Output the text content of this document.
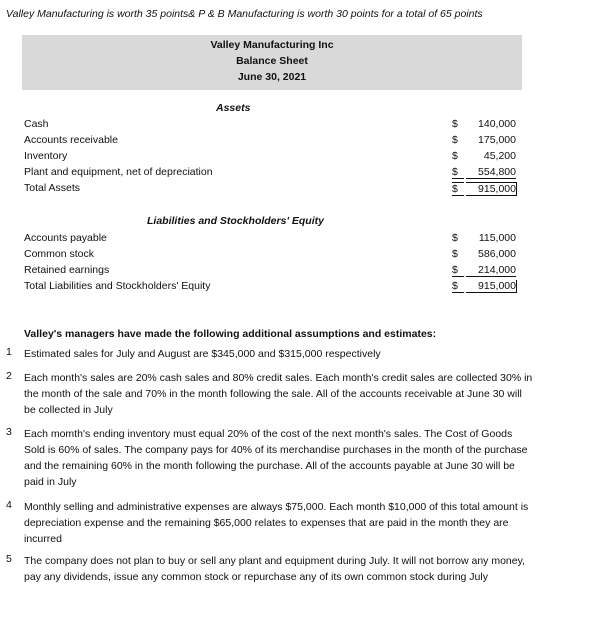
Valley Manufacturing is worth 35 points& P & B Manufacturing is worth 30 points for a total of 65 points
Valley Manufacturing Inc
Balance Sheet
June 30, 2021
Assets
Cash	$	140,000
Accounts receivable	$	175,000
Inventory	$	45,200
Plant and equipment, net of depreciation	$	554,800
Total Assets	$	915,000
Liabilities and Stockholders' Equity
Accounts payable	$	115,000
Common stock	$	586,000
Retained earnings	$	214,000
Total Liabilities and Stockholders' Equity	$	915,000
Valley's managers have made the following additional assumptions and estimates:
1 Estimated sales for July and August are $345,000 and $315,000 respectively
2 Each month's sales are 20% cash sales and 80% credit sales. Each month's credit sales are collected 30% in the month of the sale and 70% in the month following the sale. All of the accounts receivable at June 30 will be collected in July
3 Each momth's ending inventory must equal 20% of the cost of the next month's sales. The Cost of Goods Sold is 60% of sales. The company pays for 40% of its merchandise purchases in the month of the purchase and the remaining 60% in the month following the purchase. All of the accounts payable at June 30 will be paid in July
4 Monthly selling and administrative expenses are always $75,000. Each month $10,000 of this total amount is depreciation expense and the remaining $65,000 relates to expenses that are paid in the month they are incurred
5 The company does not plan to buy or sell any plant and equipment during July. It will not borrow any money, pay any dividends, issue any common stock or repurchase any of its own common stock during July
